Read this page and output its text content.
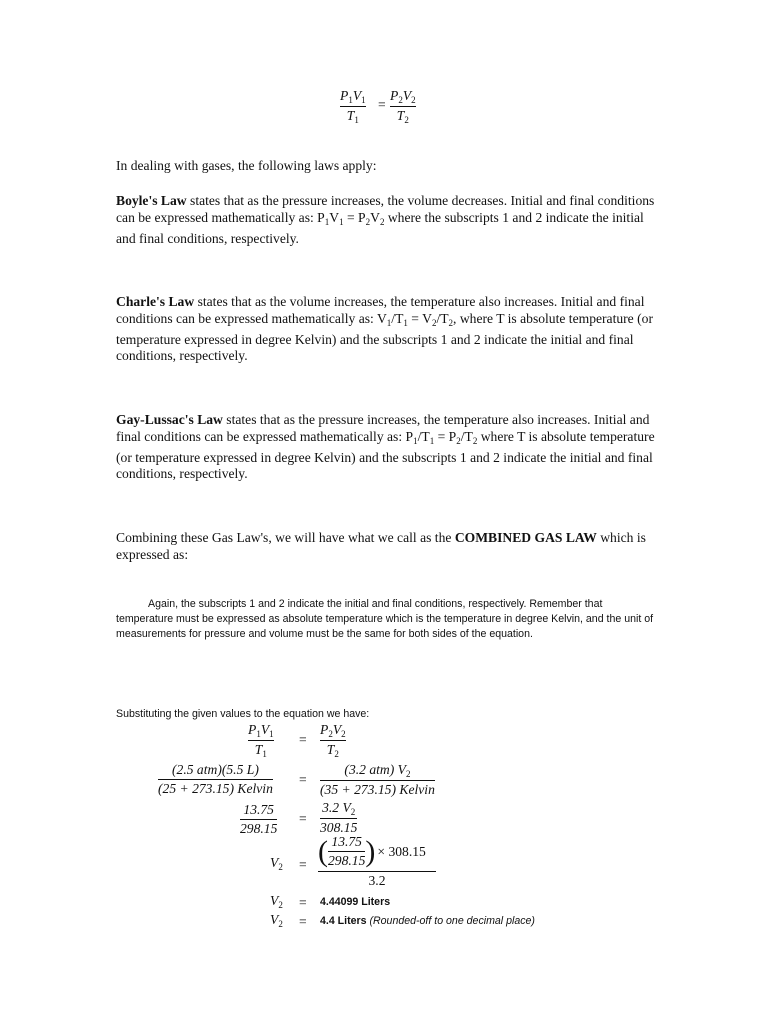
$P_1V_1$
$T_1$
=
$P_2V_2$
$T_2$
In dealing with gases, the following laws apply:
Boyle's Law states that as the pressure increases, the volume decreases. Initial and final conditions can be expressed mathematically as: $P_1V_1 = P_2V_2$ where the subscripts 1 and 2 indicate the initial and final conditions, respectively.
Charle's Law states that as the volume increases, the temperature also increases. Initial and final conditions can be expressed mathematically as: $V_1/T_1 = V_2/T_2$, where T is absolute temperature (or temperature expressed in degree Kelvin) and the subscripts 1 and 2 indicate the initial and final conditions, respectively.
Gay-Lussac's Law states that as the pressure increases, the temperature also increases. Initial and final conditions can be expressed mathematically as: $P_1/T_1 = P_2/T_2$ where T is absolute temperature (or temperature expressed in degree Kelvin) and the subscripts 1 and 2 indicate the initial and final conditions, respectively.
Combining these Gas Law's, we will have what we call as the COMBINED GAS LAW which is expressed as:
Again, the subscripts 1 and 2 indicate the initial and final conditions, respectively. Remember that temperature must be expressed as absolute temperature which is the temperature in degree Kelvin, and the unit of measurements for pressure and volume must be the same for both sides of the equation.
Substituting the given values to the equation we have:
$P_1V_1$
$T_1$
=
$P_2V_2$
$T_2$
(2.5 atm)(5.5 L)
(25 + 273.15) Kelvin
=
(3.2 atm) $V_2$
(35 + 273.15) Kelvin
13.75
298.15
=
3.2 $V_2$
308.15
$V_2$ = ( $\frac{13.75}{298.15}$ ) × 308.15
3.2
$V_2 = 4.44099$ Liters
$V_2 = 4.4$ Liters (Rounded-off to one decimal place)
